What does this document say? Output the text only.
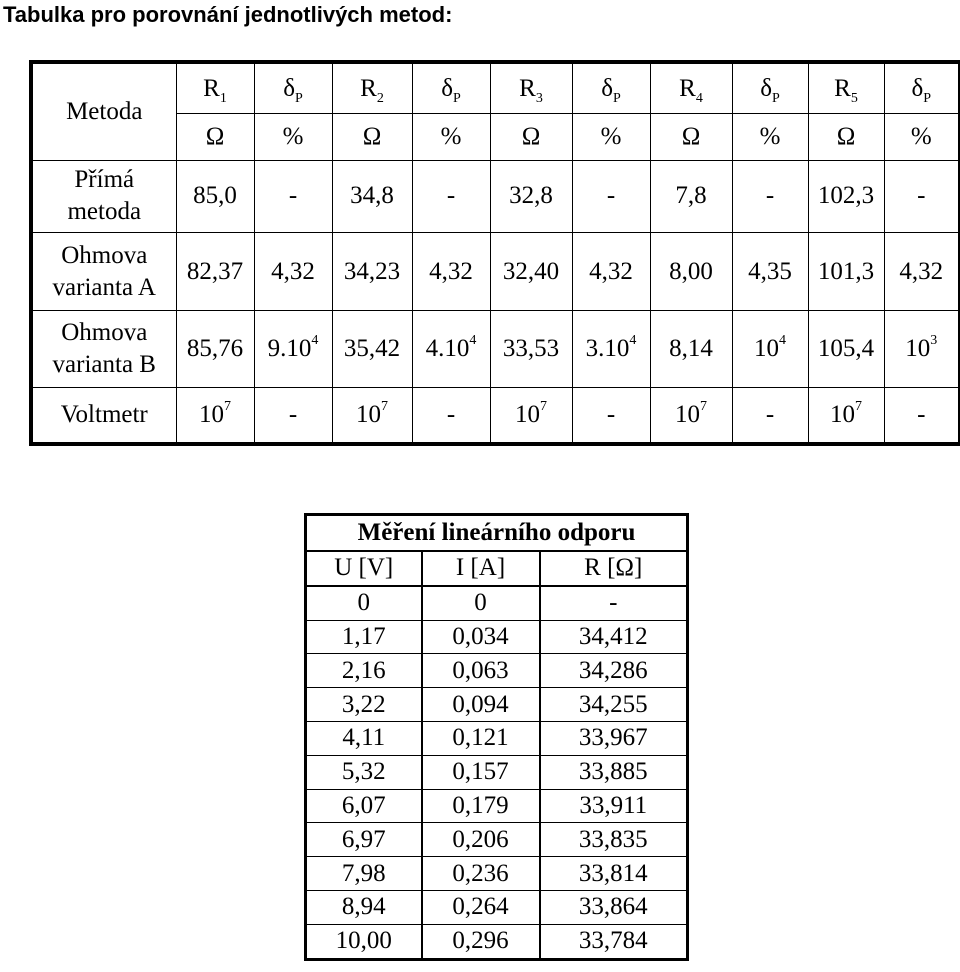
Tabulka pro porovnání jednotlivých metod:
Metoda	$R_1$	$\delta_P$	$R_2$	$\delta_P$	$R_3$	$\delta_P$	$R_4$	$\delta_P$	$R_5$	$\delta_P$
	Ω	%	Ω	%	Ω	%	Ω	%	Ω	%

Přímá
metoda	85,0	-	34,8	-	32,8	-	7,8	-	102,3	-

Ohmova
varianta A	82,37	4,32	34,23	4,32	32,40	4,32	8,00	4,35	101,3	4,32

Ohmova
varianta B	85,76	9.10$^4$	35,42	4.10$^4$	33,53	3.10$^4$	8,14	$10^4$	105,4	$10^3$

Voltmetr	$10^7$	-	$10^7$	-	$10^7$	-	$10^7$	-	$10^7$	-
Měření lineárního odporu		
U [V]	I [A]	R [Ω]
0	0	-
1,17	0,034	34,412
2,16	0,063	34,286
3,22	0,094	34,255
4,11	0,121	33,967
5,32	0,157	33,885
6,07	0,179	33,911
6,97	0,206	33,835
7,98	0,236	33,814
8,94	0,264	33,864
10,00	0,296	33,784
